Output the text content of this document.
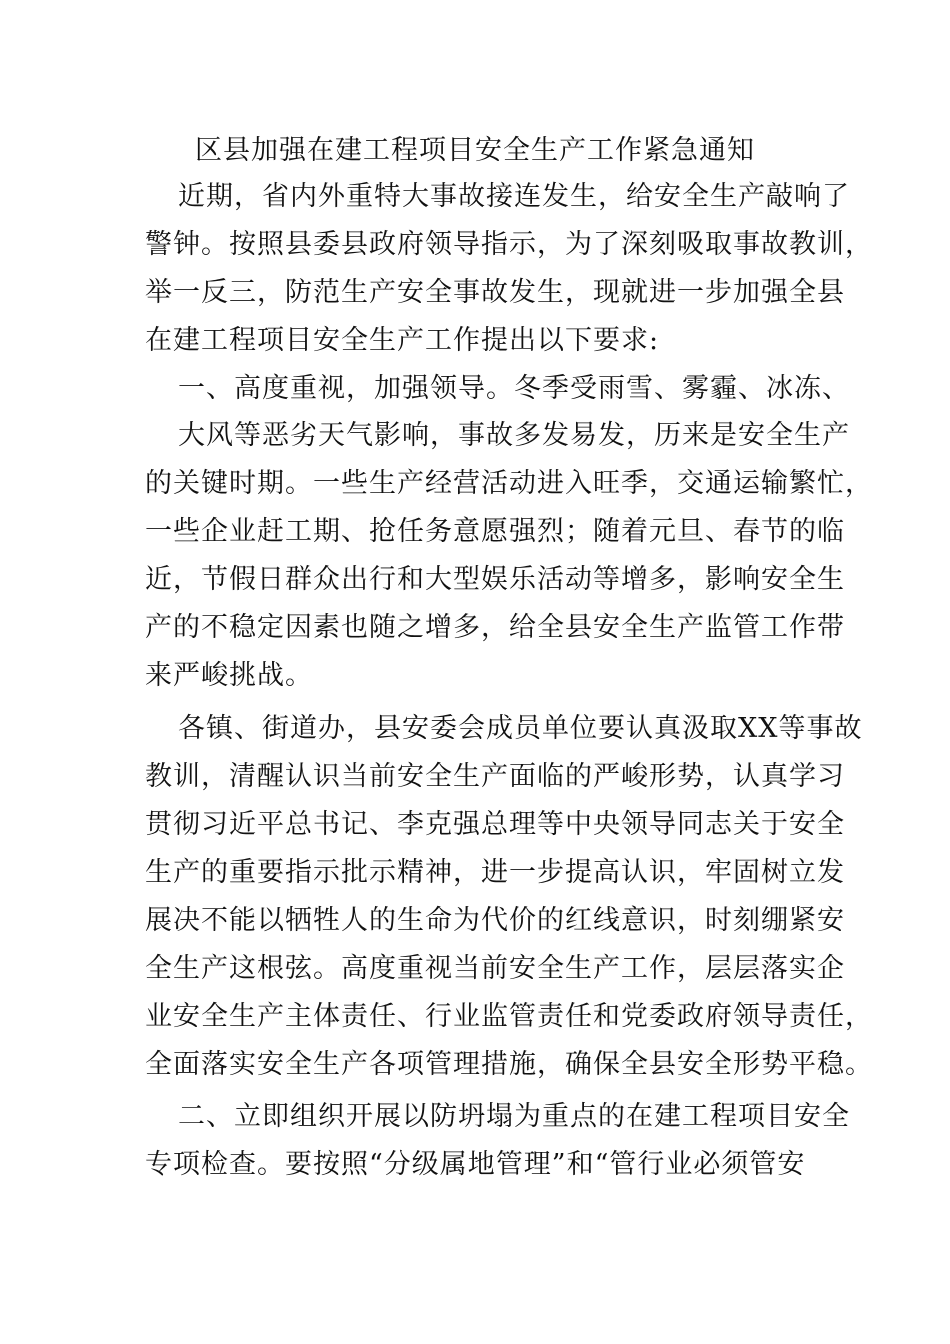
区县加强在建工程项目安全生产工作紧急通知
近期，省内外重特大事故接连发生，给安全生产敲响了
警钟。按照县委县政府领导指示，为了深刻吸取事故教训，
举一反三，防范生产安全事故发生，现就进一步加强全县
在建工程项目安全生产工作提出以下要求:
一、高度重视，加强领导。冬季受雨雪、雾霾、冰冻、
大风等恶劣天气影响，事故多发易发，历来是安全生产
的关键时期。一些生产经营活动进入旺季，交通运输繁忙，
一些企业赶工期、抢任务意愿强烈；随着元旦、春节的临
近，节假日群众出行和大型娱乐活动等增多，影响安全生
产的不稳定因素也随之增多，给全县安全生产监管工作带
来严峻挑战。
各镇、街道办，县安委会成员单位要认真汲取XX等事故
教训，清醒认识当前安全生产面临的严峻形势，认真学习
贯彻习近平总书记、李克强总理等中央领导同志关于安全
生产的重要指示批示精神，进一步提高认识，牢固树立发
展决不能以牺牲人的生命为代价的红线意识，时刻绷紧安
全生产这根弦。高度重视当前安全生产工作，层层落实企
业安全生产主体责任、行业监管责任和党委政府领导责任，
全面落实安全生产各项管理措施，确保全县安全形势平稳。
二、立即组织开展以防坍塌为重点的在建工程项目安全
专项检查。要按照“分级属地管理”和“管行业必须管安
